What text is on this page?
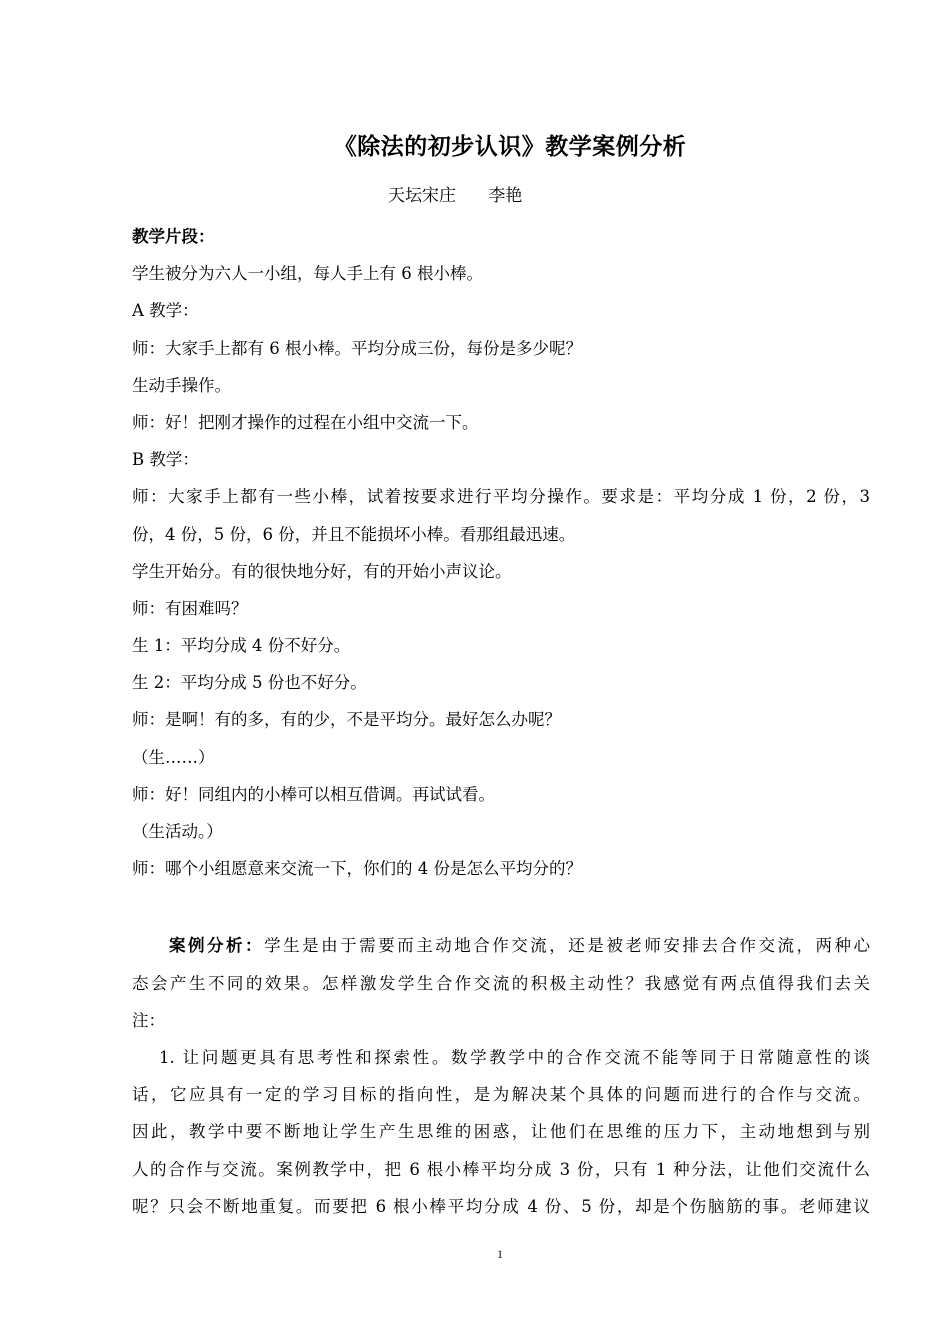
《除法的初步认识》教学案例分析
天坛宋庄      李艳
教学片段：
学生被分为六人一小组，每人手上有 6 根小棒。
A 教学：
师：大家手上都有 6 根小棒。平均分成三份，每份是多少呢？
生动手操作。
师：好！把刚才操作的过程在小组中交流一下。
B 教学：
师：大家手上都有一些小棒，试着按要求进行平均分操作。要求是：平均分成 1 份，2 份，3
份，4 份，5 份，6 份，并且不能损坏小棒。看那组最迅速。
学生开始分。有的很快地分好，有的开始小声议论。
师：有困难吗？
生 1：平均分成 4 份不好分。
生 2：平均分成 5 份也不好分。
师：是啊！有的多，有的少，不是平均分。最好怎么办呢？
（生……）
师：好！同组内的小棒可以相互借调。再试试看。
（生活动。）
师：哪个小组愿意来交流一下，你们的 4 份是怎么平均分的？
案例分析：学生是由于需要而主动地合作交流，还是被老师安排去合作交流，两种心
态会产生不同的效果。怎样激发学生合作交流的积极主动性？我感觉有两点值得我们去关
注：
1. 让问题更具有思考性和探索性。数学教学中的合作交流不能等同于日常随意性的谈
话，它应具有一定的学习目标的指向性，是为解决某个具体的问题而进行的合作与交流。
因此，教学中要不断地让学生产生思维的困惑，让他们在思维的压力下，主动地想到与别
人的合作与交流。案例教学中，把 6 根小棒平均分成 3 份，只有 1 种分法，让他们交流什么
呢？只会不断地重复。而要把 6 根小棒平均分成 4 份、5 份，却是个伤脑筋的事。老师建议
1
